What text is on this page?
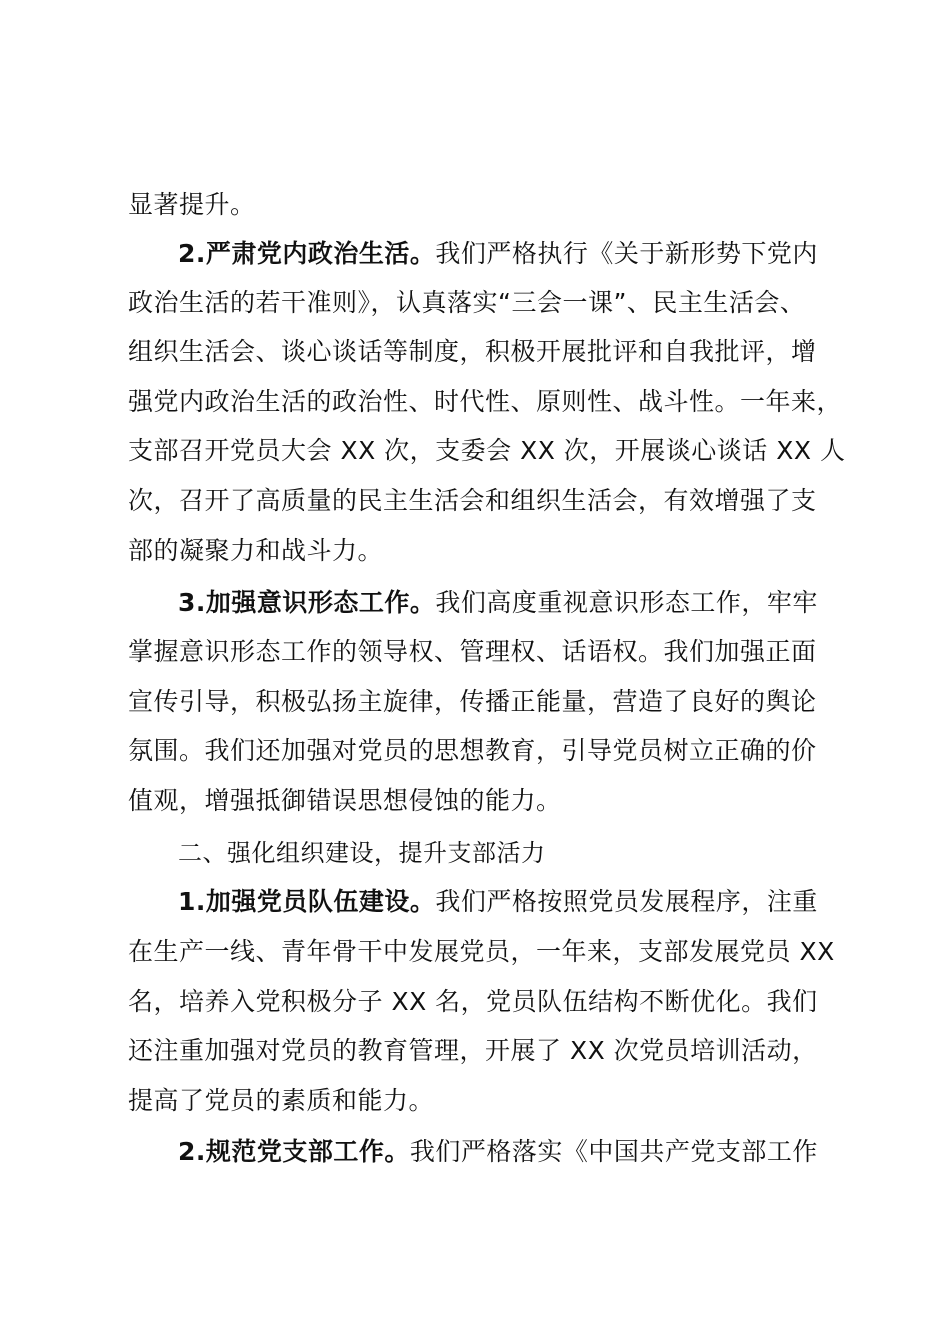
显著提升。
2.严肃党内政治生活。我们严格执行《关于新形势下党内
政治生活的若干准则》，认真落实“三会一课”、民主生活会、
组织生活会、谈心谈话等制度，积极开展批评和自我批评，增
强党内政治生活的政治性、时代性、原则性、战斗性。一年来，
支部召开党员大会 XX 次，支委会 XX 次，开展谈心谈话 XX 人
次，召开了高质量的民主生活会和组织生活会，有效增强了支
部的凝聚力和战斗力。
3.加强意识形态工作。我们高度重视意识形态工作，牢牢
掌握意识形态工作的领导权、管理权、话语权。我们加强正面
宣传引导，积极弘扬主旋律，传播正能量，营造了良好的舆论
氛围。我们还加强对党员的思想教育，引导党员树立正确的价
值观，增强抵御错误思想侵蚀的能力。
二、强化组织建设，提升支部活力
1.加强党员队伍建设。我们严格按照党员发展程序，注重
在生产一线、青年骨干中发展党员，一年来，支部发展党员 XX
名，培养入党积极分子 XX 名，党员队伍结构不断优化。我们
还注重加强对党员的教育管理，开展了 XX 次党员培训活动，
提高了党员的素质和能力。
2.规范党支部工作。我们严格落实《中国共产党支部工作
